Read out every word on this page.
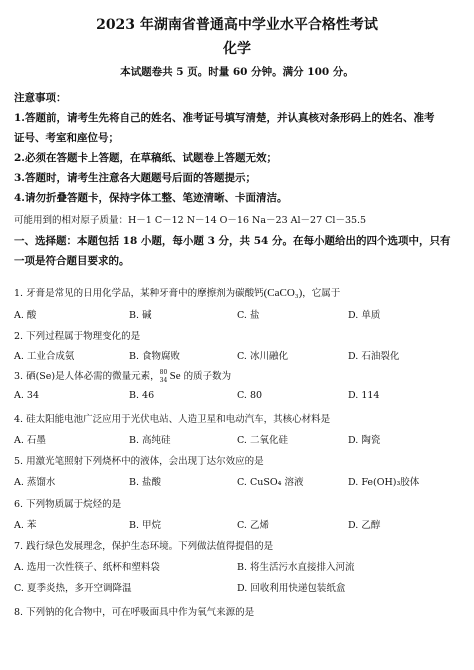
2023 年湖南省普通高中学业水平合格性考试
化学
本试题卷共 5 页。时量 60 分钟。满分 100 分。
注意事项：
1.答题前，请考生先将自己的姓名、准考证号填写清楚，并认真核对条形码上的姓名、准考
证号、考室和座位号；
2.必须在答题卡上答题，在草稿纸、试题卷上答题无效；
3.答题时，请考生注意各大题题号后面的答题提示；
4.请勿折叠答题卡，保持字体工整、笔迹清晰、卡面清洁。
可能用到的相对原子质量：H－1 C－12 N－14 O－16 Na－23 Al－27 Cl－35.5
一、选择题：本题包括 18 小题，每小题 3 分，共 54 分。在每小题给出的四个选项中，只有
一项是符合题目要求的。
1. 牙膏是常见的日用化学品，某种牙膏中的摩擦剂为碳酸钙(CaCO₃)，它属于
A. 酸	B. 碱	C. 盐	D. 单质
2. 下列过程属于物理变化的是
A. 工业合成氨	B. 食物腐败	C. 冰川融化	D. 石油裂化
3. 硒(Se)是人体必需的微量元素， 80
34 Se 的质子数为
A. 34	B. 46	C. 80	D. 114
4. 硅太阳能电池广泛应用于光伏电站、人造卫星和电动汽车，其核心材料是
A. 石墨	B. 高纯硅	C. 二氧化硅	D. 陶瓷
5. 用激光笔照射下列烧杯中的液体，会出现丁达尔效应的是
A. 蒸馏水	B. 盐酸	C. CuSO₄ 溶液	D. Fe(OH)₃胶体
6. 下列物质属于烷烃的是
A. 苯	B. 甲烷	C. 乙烯	D. 乙醇
7. 践行绿色发展理念，保护生态环境。下列做法值得提倡的是
A. 选用一次性筷子、纸杯和塑料袋	B. 将生活污水直接排入河流
C. 夏季炎热，多开空调降温	D. 回收利用快递包装纸盒
8. 下列钠的化合物中，可在呼吸面具中作为氧气来源的是
